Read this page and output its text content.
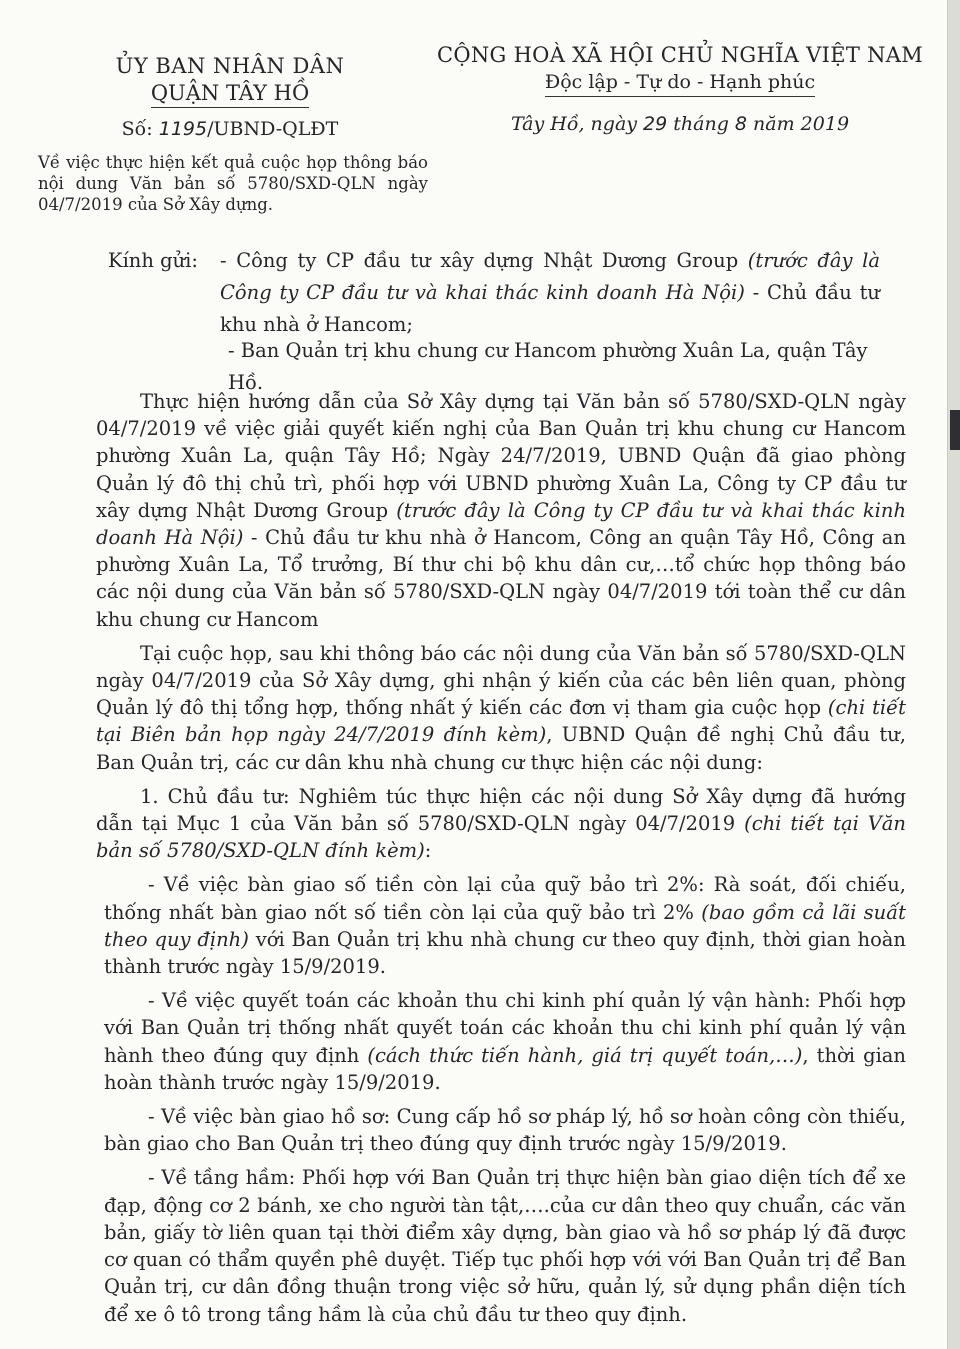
ỦY BAN NHÂN DÂN
QUẬN TÂY HỒ
Số: 1195/UBND-QLĐT
CỘNG HOÀ XÃ HỘI CHỦ NGHĨA VIỆT NAM
Độc lập - Tự do - Hạnh phúc
Tây Hồ, ngày 29 tháng 8 năm 2019
Về việc thực hiện kết quả cuộc họp thông báo nội dung Văn bản số 5780/SXD-QLN ngày 04/7/2019 của Sở Xây dựng.
Kính gửi: - Công ty CP đầu tư xây dựng Nhật Dương Group (trước đây là Công ty CP đầu tư và khai thác kinh doanh Hà Nội) - Chủ đầu tư khu nhà ở Hancom;
- Ban Quản trị khu chung cư Hancom phường Xuân La, quận Tây Hồ.

Thực hiện hướng dẫn của Sở Xây dựng tại Văn bản số 5780/SXD-QLN ngày 04/7/2019 về việc giải quyết kiến nghị của Ban Quản trị khu chung cư Hancom phường Xuân La, quận Tây Hồ; Ngày 24/7/2019, UBND Quận đã giao phòng Quản lý đô thị chủ trì, phối hợp với UBND phường Xuân La, Công ty CP đầu tư xây dựng Nhật Dương Group (trước đây là Công ty CP đầu tư và khai thác kinh doanh Hà Nội) - Chủ đầu tư khu nhà ở Hancom, Công an quận Tây Hồ, Công an phường Xuân La, Tổ trưởng, Bí thư chi bộ khu dân cư,…tổ chức họp thông báo các nội dung của Văn bản số 5780/SXD-QLN ngày 04/7/2019 tới toàn thể cư dân khu chung cư Hancom

Tại cuộc họp, sau khi thông báo các nội dung của Văn bản số 5780/SXD-QLN ngày 04/7/2019 của Sở Xây dựng, ghi nhận ý kiến của các bên liên quan, phòng Quản lý đô thị tổng hợp, thống nhất ý kiến các đơn vị tham gia cuộc họp (chi tiết tại Biên bản họp ngày 24/7/2019 đính kèm), UBND Quận đề nghị Chủ đầu tư, Ban Quản trị, các cư dân khu nhà chung cư thực hiện các nội dung:

1. Chủ đầu tư: Nghiêm túc thực hiện các nội dung Sở Xây dựng đã hướng dẫn tại Mục 1 của Văn bản số 5780/SXD-QLN ngày 04/7/2019 (chi tiết tại Văn bản số 5780/SXD-QLN đính kèm):

- Về việc bàn giao số tiền còn lại của quỹ bảo trì 2%: Rà soát, đối chiếu, thống nhất bàn giao nốt số tiền còn lại của quỹ bảo trì 2% (bao gồm cả lãi suất theo quy định) với Ban Quản trị khu nhà chung cư theo quy định, thời gian hoàn thành trước ngày 15/9/2019.

- Về việc quyết toán các khoản thu chi kinh phí quản lý vận hành: Phối hợp với Ban Quản trị thống nhất quyết toán các khoản thu chi kinh phí quản lý vận hành theo đúng quy định (cách thức tiến hành, giá trị quyết toán,…), thời gian hoàn thành trước ngày 15/9/2019.

- Về việc bàn giao hồ sơ: Cung cấp hồ sơ pháp lý, hồ sơ hoàn công còn thiếu, bàn giao cho Ban Quản trị theo đúng quy định trước ngày 15/9/2019.

- Về tầng hầm: Phối hợp với Ban Quản trị thực hiện bàn giao diện tích để xe đạp, động cơ 2 bánh, xe cho người tàn tật,….của cư dân theo quy chuẩn, các văn bản, giấy tờ liên quan tại thời điểm xây dựng, bàn giao và hồ sơ pháp lý đã được cơ quan có thẩm quyền phê duyệt. Tiếp tục phối hợp với với Ban Quản trị để Ban Quản trị, cư dân đồng thuận trong việc sở hữu, quản lý, sử dụng phần diện tích để xe ô tô trong tầng hầm là của chủ đầu tư theo quy định.
